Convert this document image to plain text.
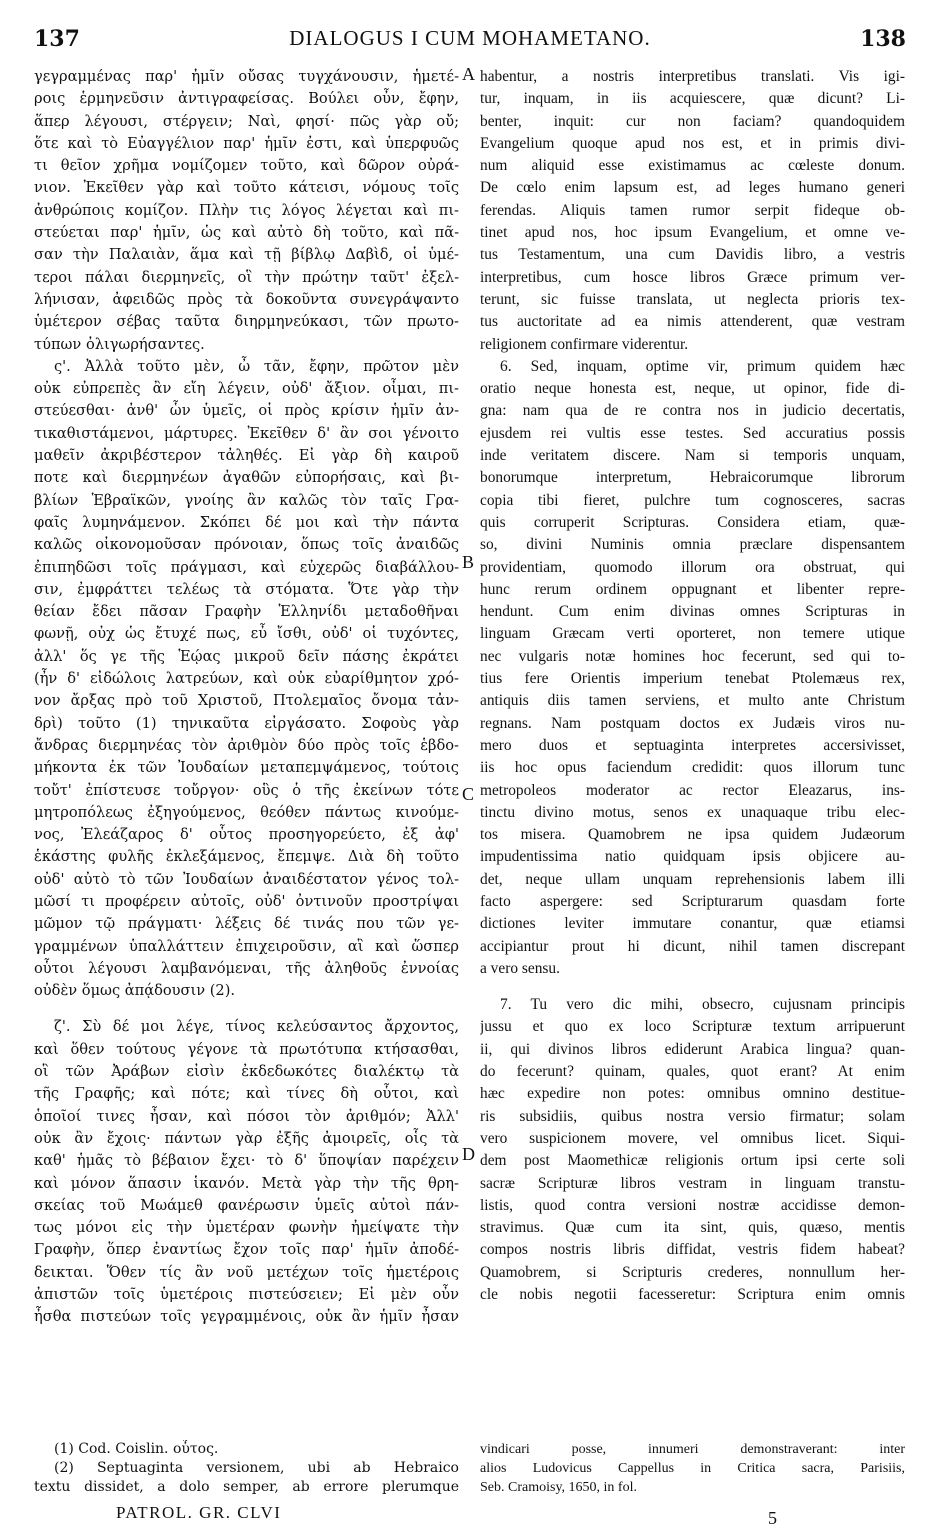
137	DIALOGUS I CUM MOHAMETANO.	138
γεγραμμένας παρ' ἡμῖν οὔσας τυγχάνουσιν, ἡμετέ-
ροις ἑρμηνεῦσιν ἀντιγραφείσας. Βούλει οὖν, ἔφην,
ἅπερ λέγουσι, στέργειν; Ναὶ, φησί· πῶς γὰρ οὔ;
ὅτε καὶ τὸ Εὐαγγέλιον παρ' ἡμῖν ἐστι, καὶ ὑπερφυῶς
τι θεῖον χρῆμα νομίζομεν τοῦτο, καὶ δῶρον οὐρά-
νιον. Ἐκεῖθεν γὰρ καὶ τοῦτο κάτεισι, νόμους τοῖς
ἀνθρώποις κομίζον. Πλὴν τις λόγος λέγεται καὶ πι-
στεύεται παρ' ἡμῖν, ὡς καὶ αὐτὸ δὴ τοῦτο, καὶ πᾶ-
σαν τὴν Παλαιὰν, ἅμα καὶ τῇ βίβλῳ Δαβὶδ, οἱ ὑμέ-
τεροι πάλαι διερμηνεῖς, οἳ τὴν πρώτην ταῦτ' ἐξελ-
λήνισαν, ἀφειδῶς πρὸς τὰ δοκοῦντα συνεγράψαντο
ὑμέτερον σέβας ταῦτα διηρμηνεύκασι, τῶν πρωτο-
τύπων ὀλιγωρήσαντες.
ς'. Ἀλλὰ τοῦτο μὲν, ὦ τᾶν, ἔφην, πρῶτον μὲν
οὐκ εὐπρεπὲς ἂν εἴη λέγειν, οὐδ' ἄξιον. οἶμαι, πι-
στεύεσθαι· ἀνθ' ὧν ὑμεῖς, οἱ πρὸς κρίσιν ἡμῖν ἀν-
τικαθιστάμενοι, μάρτυρες. Ἐκεῖθεν δ' ἂν σοι γένοιτο
μαθεῖν ἀκριβέστερον τἀληθές. Εἰ γὰρ δὴ καιροῦ
ποτε καὶ διερμηνέων ἀγαθῶν εὐπορήσαις, καὶ βι-
βλίων Ἑβραϊκῶν, γνοίης ἂν καλῶς τὸν ταῖς Γρα-
φαῖς λυμηνάμενον. Σκόπει δέ μοι καὶ τὴν πάντα
καλῶς οἰκονομοῦσαν πρόνοιαν, ὅπως τοῖς ἀναιδῶς
ἐπιπηδῶσι τοῖς πράγμασι, καὶ εὐχερῶς διαβάλλου-
σιν, ἐμφράττει τελέως τὰ στόματα. Ὅτε γὰρ τὴν
θείαν ἔδει πᾶσαν Γραφὴν Ἑλληνίδι μεταδοθῆναι
φωνῇ, οὐχ ὡς ἔτυχέ πως, εὖ ἴσθι, οὐδ' οἱ τυχόντες,
ἀλλ' ὅς γε τῆς Ἑῴας μικροῦ δεῖν πάσης ἐκράτει
(ἦν δ' εἰδώλοις λατρεύων, καὶ οὐκ εὐαρίθμητον χρό-
νον ἄρξας πρὸ τοῦ Χριστοῦ, Πτολεμαῖος ὄνομα τἀν-
δρὶ) τοῦτο (1) τηνικαῦτα εἰργάσατο. Σοφοὺς γὰρ
ἄνδρας διερμηνέας τὸν ἀριθμὸν δύο πρὸς τοῖς ἑβδο-
μήκοντα ἐκ τῶν Ἰουδαίων μεταπεμψάμενος, τούτοις
τοὔτ' ἐπίστευσε τοὔργον· οὓς ὁ τῆς ἐκείνων τότε
μητροπόλεως ἐξηγούμενος, θεόθεν πάντως κινούμε-
νος, Ἐλεάζαρος δ' οὗτος προσηγορεύετο, ἐξ ἀφ'
ἑκάστης φυλῆς ἐκλεξάμενος, ἔπεμψε. Διὰ δὴ τοῦτο
οὐδ' αὐτὸ τὸ τῶν Ἰουδαίων ἀναιδέστατον γένος τολ-
μῶσί τι προφέρειν αὐτοῖς, οὐδ' ὀντινοῦν προστρίψαι
μῶμον τῷ πράγματι· λέξεις δέ τινάς που τῶν γε-
γραμμένων ὑπαλλάττειν ἐπιχειροῦσιν, αἳ καὶ ὥσπερ
οὗτοι λέγουσι λαμβανόμεναι, τῆς ἀληθοῦς ἐννοίας
οὐδὲν ὅμως ἀπᾴδουσιν (2).
ζ'. Σὺ δέ μοι λέγε, τίνος κελεύσαντος ἄρχοντος,
καὶ ὅθεν τούτους γέγονε τὰ πρωτότυπα κτήσασθαι,
οἳ τῶν Ἀράβων εἰσὶν ἐκδεδωκότες διαλέκτῳ τὰ
τῆς Γραφῆς; καὶ πότε; καὶ τίνες δὴ οὗτοι, καὶ
ὁποῖοί τινες ἦσαν, καὶ πόσοι τὸν ἀριθμόν; Ἀλλ'
οὐκ ἂν ἔχοις· πάντων γὰρ ἐξῆς ἀμοιρεῖς, οἷς τὰ
καθ' ἡμᾶς τὸ βέβαιον ἔχει· τὸ δ' ὕποψίαν παρέχειν
καὶ μόνον ἅπασιν ἱκανόν. Μετὰ γὰρ τὴν τῆς θρη-
σκείας τοῦ Μωάμεθ φανέρωσιν ὑμεῖς αὐτοὶ πάν-
τως μόνοι εἰς τὴν ὑμετέραν φωνὴν ἠμείψατε τὴν
Γραφὴν, ὅπερ ἐναντίως ἔχον τοῖς παρ' ἡμῖν ἀποδέ-
δεικται. Ὅθεν τίς ἂν νοῦ μετέχων τοῖς ἡμετέροις
ἀπιστῶν τοῖς ὑμετέροις πιστεύσειεν; Εἰ μὲν οὖν
ἦσθα πιστεύων τοῖς γεγραμμένοις, οὐκ ἂν ἡμῖν ἦσαν
habentur, a nostris interpretibus translati. Vis igi-
tur, inquam, in iis acquiescere, quæ dicunt? Li-
benter, inquit: cur non faciam? quandoquidem
Evangelium quoque apud nos est, et in primis divi-
num aliquid esse existimamus ac cœleste donum.
De cœlo enim lapsum est, ad leges humano generi
ferendas. Aliquis tamen rumor serpit fideque ob-
tinet apud nos, hoc ipsum Evangelium, et omne ve-
tus Testamentum, una cum Davidis libro, a vestris
interpretibus, cum hosce libros Græce primum ver-
terunt, sic fuisse translata, ut neglecta prioris tex-
tus auctoritate ad ea nimis attenderent, quæ vestram
religionem confirmare viderentur.
6. Sed, inquam, optime vir, primum quidem hæc
oratio neque honesta est, neque, ut opinor, fide di-
gna: nam qua de re contra nos in judicio decertatis,
ejusdem rei vultis esse testes. Sed accuratius possis
inde veritatem discere. Nam si temporis unquam,
bonorumque interpretum, Hebraicorumque librorum
copia tibi fieret, pulchre tum cognosceres, sacras
quis corruperit Scripturas. Considera etiam, quæ-
so, divini Numinis omnia præclare dispensantem
providentiam, quomodo illorum ora obstruat, qui
hunc rerum ordinem oppugnant et libenter repre-
hendunt. Cum enim divinas omnes Scripturas in
linguam Græcam verti oporteret, non temere utique
nec vulgaris notæ homines hoc fecerunt, sed qui to-
tius fere Orientis imperium tenebat Ptolemæus rex,
antiquis diis tamen serviens, et multo ante Christum
regnans. Nam postquam doctos ex Judæis viros nu-
mero duos et septuaginta interpretes accersivisset,
iis hoc opus faciendum credidit: quos illorum tunc
metropoleos moderator ac rector Eleazarus, ins-
tinctu divino motus, senos ex unaquaque tribu elec-
tos misera. Quamobrem ne ipsa quidem Judæorum
impudentissima natio quidquam ipsis objicere au-
det, neque ullam unquam reprehensionis labem illi
facto aspergere: sed Scripturarum quasdam forte
dictiones leviter immutare conantur, quæ etiamsi
accipiantur prout hi dicunt, nihil tamen discrepant
a vero sensu.
7. Tu vero dic mihi, obsecro, cujusnam principis
jussu et quo ex loco Scripturæ textum arripuerunt
ii, qui divinos libros ediderunt Arabica lingua? quan-
do fecerunt? quinam, quales, quot erant? At enim
hæc expedire non potes: omnibus omnino destitue-
ris subsidiis, quibus nostra versio firmatur; solam
vero suspicionem movere, vel omnibus licet. Siqui-
dem post Maomethicæ religionis ortum ipsi certe soli
sacræ Scripturæ libros vestram in linguam transtu-
listis, quod contra versioni nostræ accidisse demon-
stravimus. Quæ cum ita sint, quis, quæso, mentis
compos nostris libris diffidat, vestris fidem habeat?
Quamobrem, si Scripturis crederes, nonnullum her-
cle nobis negotii facesseretur: Scriptura enim omnis
A
B
C
D
(1) Cod. Coislin. οὗτος.
(2) Septuaginta versionem, ubi ab Hebraico
textu dissidet, a dolo semper, ab errore plerumque
vindicari posse, innumeri demonstraverant: inter
alios Ludovicus Cappellus in Critica sacra, Parisiis,
Seb. Cramoisy, 1650, in fol.
PATROL. GR. CLVI	5
